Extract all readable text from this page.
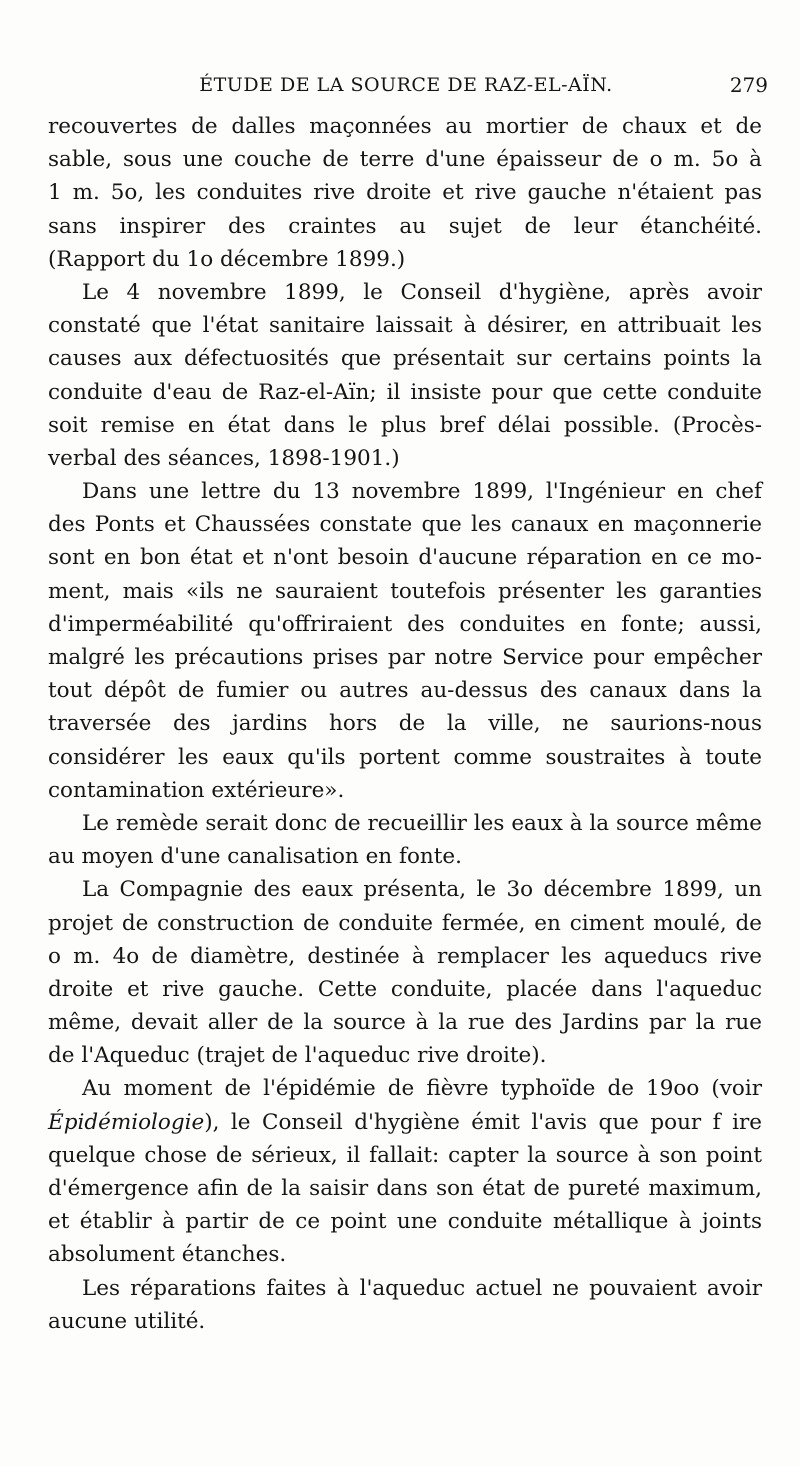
ÉTUDE DE LA SOURCE DE RAZ-EL-AÏN.	279
recouvertes de dalles maçonnées au mortier de chaux et de
sable, sous une couche de terre d'une épaisseur de o m. 5o à
1 m. 5o, les conduites rive droite et rive gauche n'étaient pas
sans inspirer des craintes au sujet de leur étanchéité.
(Rapport du 1o décembre 1899.)
Le 4 novembre 1899, le Conseil d'hygiène, après avoir
constaté que l'état sanitaire laissait à désirer, en attribuait les
causes aux défectuosités que présentait sur certains points la
conduite d'eau de Raz-el-Aïn; il insiste pour que cette conduite
soit remise en état dans le plus bref délai possible. (Procès-
verbal des séances, 1898-1901.)
Dans une lettre du 13 novembre 1899, l'Ingénieur en chef
des Ponts et Chaussées constate que les canaux en maçonnerie
sont en bon état et n'ont besoin d'aucune réparation en ce mo-
ment, mais «ils ne sauraient toutefois présenter les garanties
d'imperméabilité qu'offriraient des conduites en fonte; aussi,
malgré les précautions prises par notre Service pour empêcher
tout dépôt de fumier ou autres au-dessus des canaux dans la
traversée des jardins hors de la ville, ne saurions-nous
considérer les eaux qu'ils portent comme soustraites à toute
contamination extérieure».
Le remède serait donc de recueillir les eaux à la source même
au moyen d'une canalisation en fonte.
La Compagnie des eaux présenta, le 3o décembre 1899, un
projet de construction de conduite fermée, en ciment moulé, de
o m. 4o de diamètre, destinée à remplacer les aqueducs rive
droite et rive gauche. Cette conduite, placée dans l'aqueduc
même, devait aller de la source à la rue des Jardins par la rue
de l'Aqueduc (trajet de l'aqueduc rive droite).
Au moment de l'épidémie de fièvre typhoïde de 19oo (voir
Épidémiologie), le Conseil d'hygiène émit l'avis que pour f ire
quelque chose de sérieux, il fallait: capter la source à son point
d'émergence afin de la saisir dans son état de pureté maximum,
et établir à partir de ce point une conduite métallique à joints
absolument étanches.
Les réparations faites à l'aqueduc actuel ne pouvaient avoir
aucune utilité.
